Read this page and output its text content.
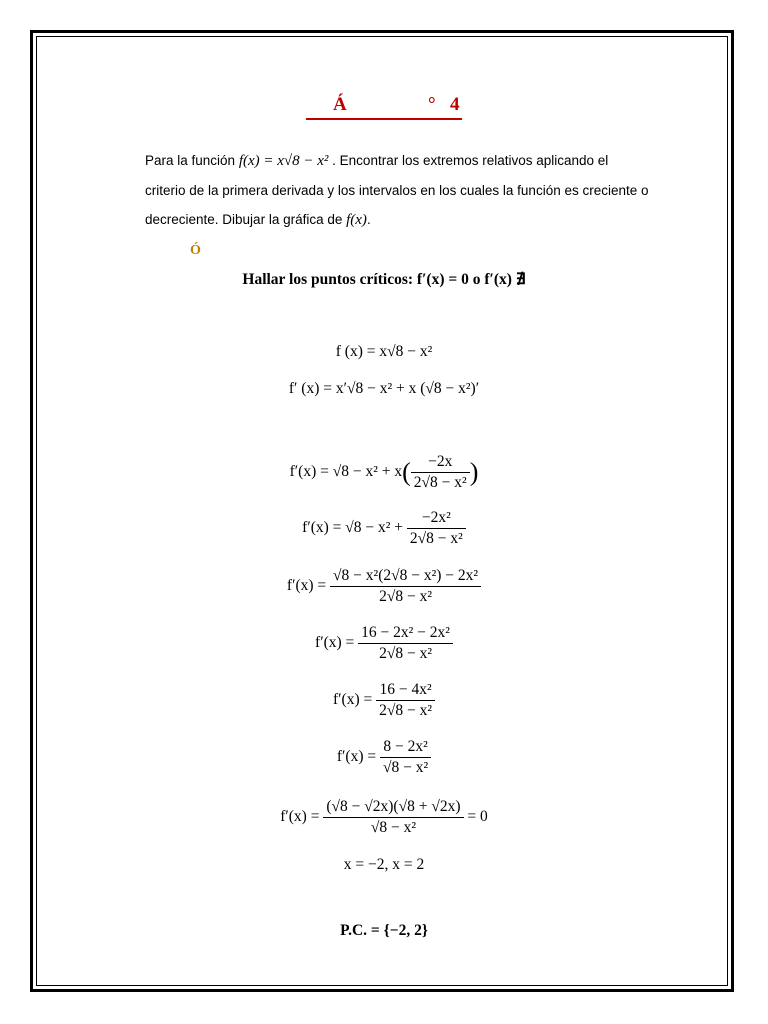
Á	° 4
Para la función f(x) = x√8 − x² . Encontrar los extremos relativos aplicando el
criterio de la primera derivada y los intervalos en los cuales la función es creciente o
decreciente. Dibujar la gráfica de f(x).
Ó
Hallar los puntos críticos: f′(x) = 0 o f′(x) ∄
f (x) = x√8 − x²
f′ (x) = x′√8 − x² + x (√8 − x²)′
$f'(x) = √8 - x^2 + x( \frac{-2x}{\text{2√8 − x²}}$ )
$f'(x) = √8 - x^2 + \frac{\text{−2x²}}{\text{2√8 − x²}}$
$f'(x) = \frac{\text{√8 − x²(2√8 − x²) − 2x²}}{\text{2√8 − x²}}$
$f'(x) = \frac{\text{16 − 2x² − 2x²}}{\text{2√8 − x²}}$
$f'(x) = \frac{\text{16 − 4x²}}{\text{2√8 − x²}}$
$f'(x) = \frac{\text{8 − 2x²}}{\text{√8 − x²}}$
$f'(x) = \frac{(√8 - √2x)(√8 + √2x)}{\text{√8 − x²}} = 0$
x = −2, x = 2
P.C. = {−2, 2}
